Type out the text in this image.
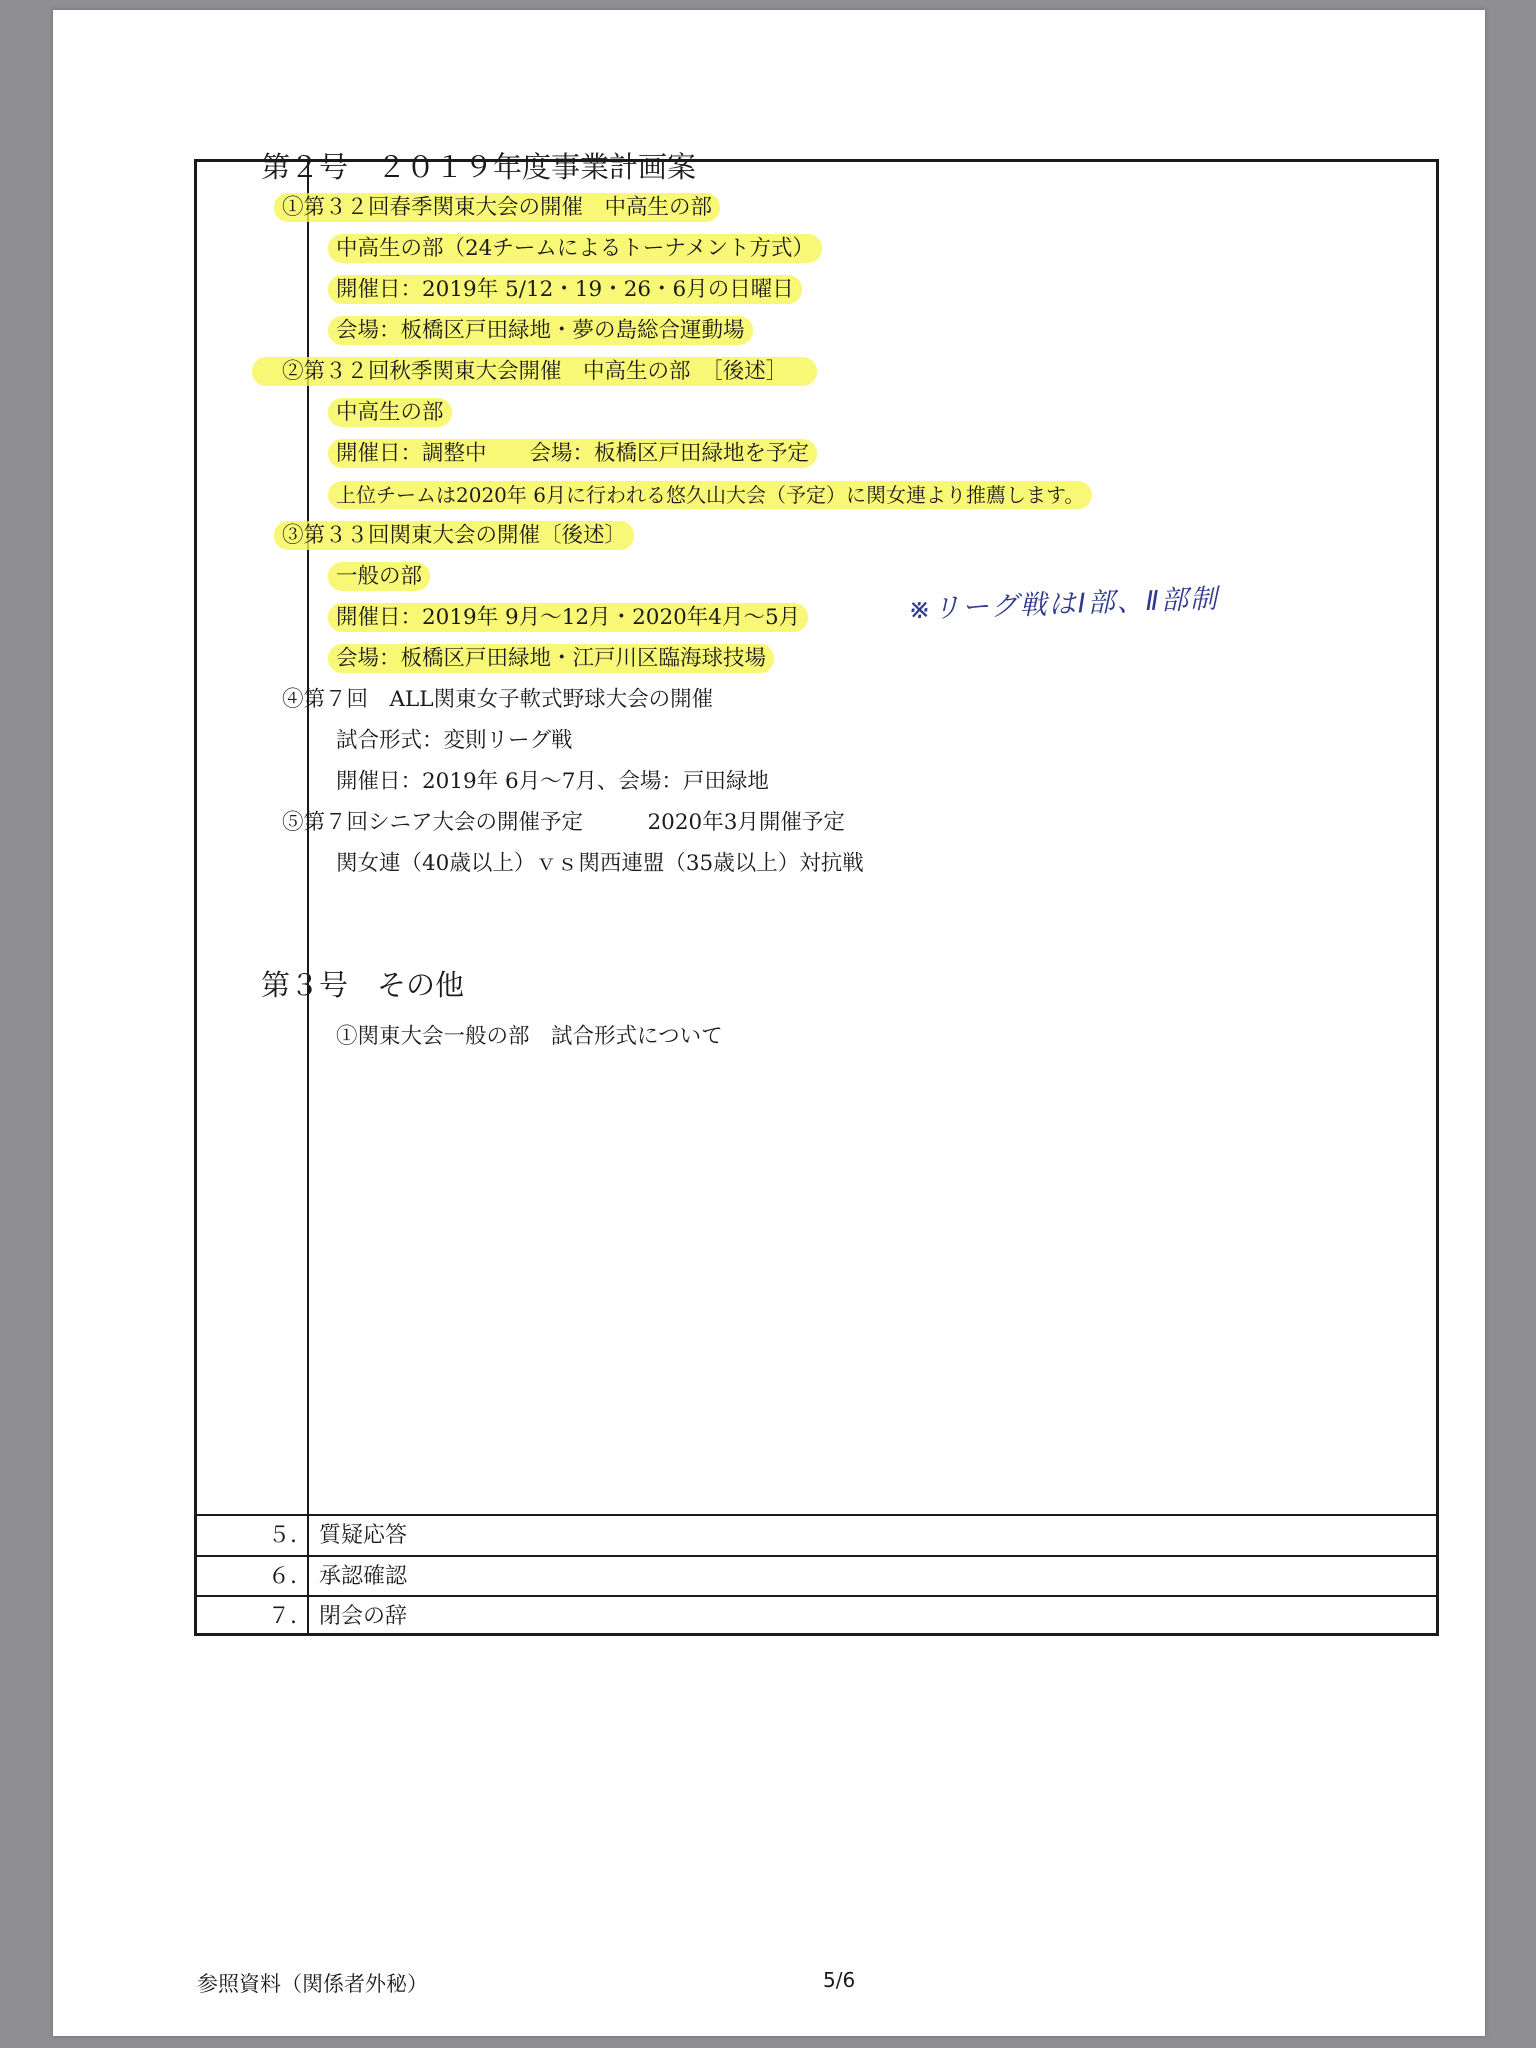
５. 質疑応答
６. 承認確認
７. 閉会の辞
第２号　２０１９年度事業計画案
①第３２回春季関東大会の開催　中高生の部
中高生の部（24チームによるトーナメント方式）
開催日：2019年 5/12・19・26・6月の日曜日
会場：板橋区戸田緑地・夢の島総合運動場
②第３２回秋季関東大会開催　中高生の部　［後述］
中高生の部
開催日：調整中　　会場：板橋区戸田緑地を予定
上位チームは2020年 6月に行われる悠久山大会（予定）に関女連より推薦します。
③第３３回関東大会の開催〔後述〕
一般の部
開催日：2019年 9月～12月・2020年4月～5月
会場：板橋区戸田緑地・江戸川区臨海球技場
④第７回　ALL関東女子軟式野球大会の開催
試合形式：変則リーグ戦
開催日：2019年 6月～7月、会場：戸田緑地
⑤第７回シニア大会の開催予定　　　2020年3月開催予定
関女連（40歳以上）ｖｓ関西連盟（35歳以上）対抗戦
※リーグ戦はⅠ部、Ⅱ部制
第３号　その他
①関東大会一般の部　試合形式について
参照資料（関係者外秘）	5/6
